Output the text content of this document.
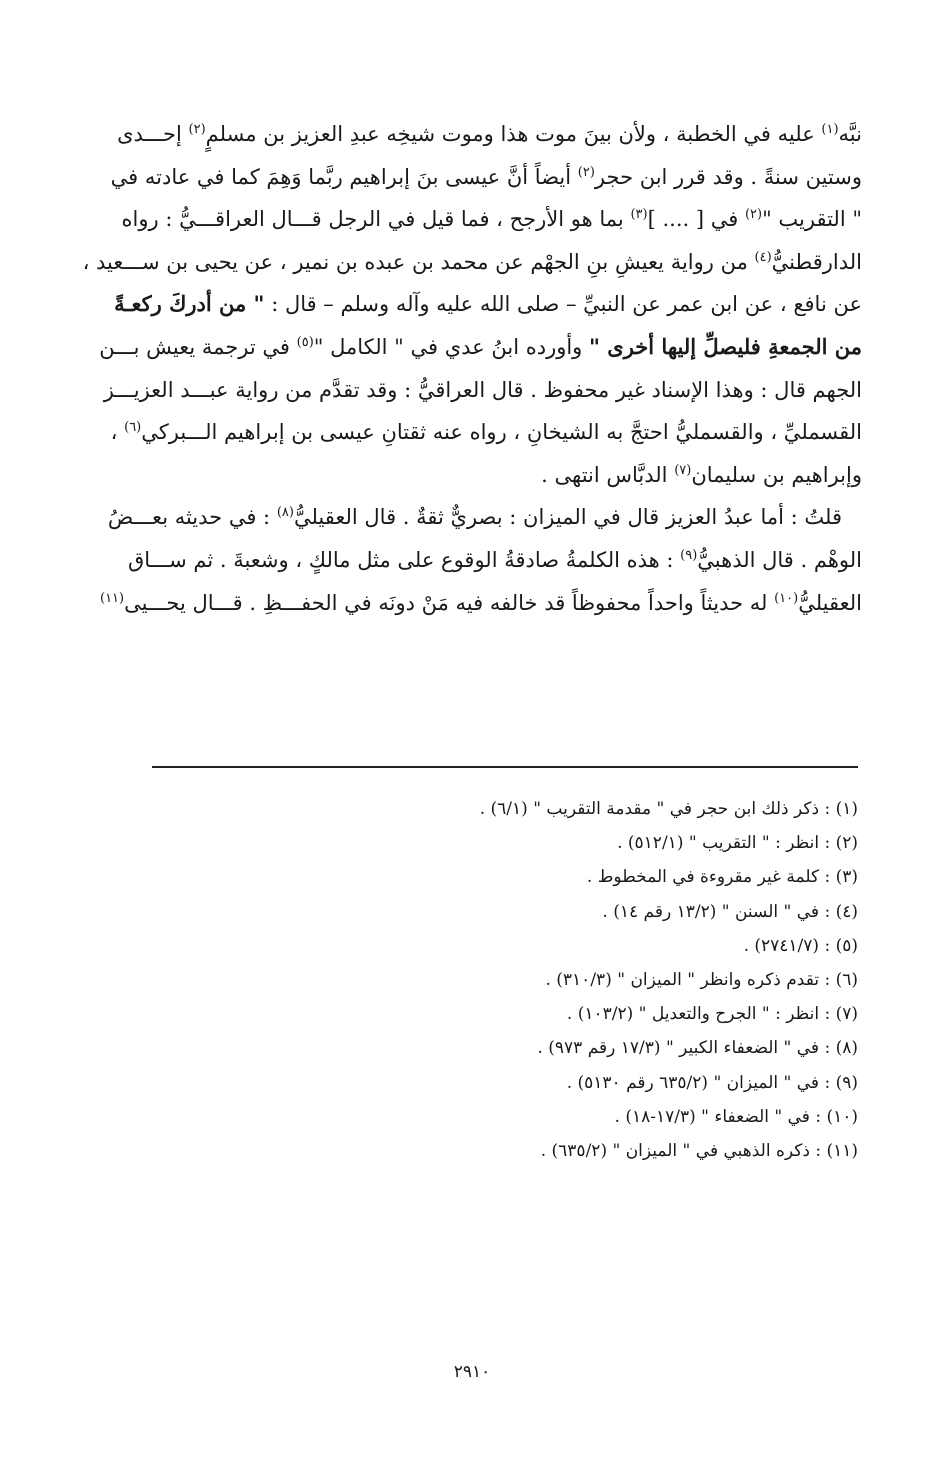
نبَّه$^{(١)}$ عليه في الخطبة ، ولأن بينَ موت هذا وموت شيخِه عبدِ العزيز بن مسلمٍ$^{(٢)}$ إحـــدى
وستين سنةً . وقد قرر ابن حجر$^{(٢)}$ أيضاً أنَّ عيسى بنَ إبراهيم ربَّما وَهِمَ كما في عادته في
" التقريب "$^{(٢)}$ في [ .... ]$^{(٣)}$ بما هو الأرجح ، فما قيل في الرجل قـــال العراقـــيُّ : رواه
الدارقطنيُّ$^{(٤)}$ من رواية يعيشِ بنِ الجهْم عن محمد بن عبده بن نمير ، عن يحيى بن ســـعيد ،
عن نافع ، عن ابن عمر عن النبيِّ – صلى الله عليه وآله وسلم – قال : " من أدركَ ركعـةً
من الجمعةِ فليصلِّ إليها أخرى " وأورده ابنُ عدي في " الكامل "$^{(٥)}$ في ترجمة يعيش بـــن
الجهم قال : وهذا الإسناد غير محفوظ . قال العراقيُّ : وقد تقدَّم من رواية عبـــد العزيـــز
القسمليِّ ، والقسمليُّ احتجَّ به الشيخانِ ، رواه عنه ثقتانِ عيسى بن إبراهيم الـــبركي$^{(٦)}$ ،
وإبراهيم بن سليمان$^{(٧)}$ الدبَّاس انتهى .

قلتُ : أما عبدُ العزيز قال في الميزان : بصريٌّ ثقةٌ . قال العقيليُّ$^{(٨)}$ : في حديثه بعـــضُ
الوهْم . قال الذهبيُّ$^{(٩)}$ : هذه الكلمةُ صادقةُ الوقوع على مثل مالكٍ ، وشعبةَ . ثم ســـاق
العقيليُّ$^{(١٠)}$ له حديثاً واحداً محفوظاً قد خالفه فيه مَنْ دونَه في الحفـــظِ . قـــال يحـــيى$^{(١١)}$

(١) : ذكر ذلك ابن حجر في " مقدمة التقريب " (٦/١) .
(٢) : انظر : " التقريب " (٥١٢/١) .
(٣) : كلمة غير مقروءة في المخطوط .
(٤) : في " السنن " (١٣/٢ رقم ١٤) .
(٥) : (٢٧٤١/٧) .
(٦) : تقدم ذكره وانظر " الميزان " (٣١٠/٣) .
(٧) : انظر : " الجرح والتعديل " (١٠٣/٢) .
(٨) : في " الضعفاء الكبير " (١٧/٣ رقم ٩٧٣) .
(٩) : في " الميزان " (٦٣٥/٢ رقم ٥١٣٠) .
(١٠) : في " الضعفاء " (١٧/٣-١٨) .
(١١) : ذكره الذهبي في " الميزان " (٦٣٥/٢) .
٢٩١٠
